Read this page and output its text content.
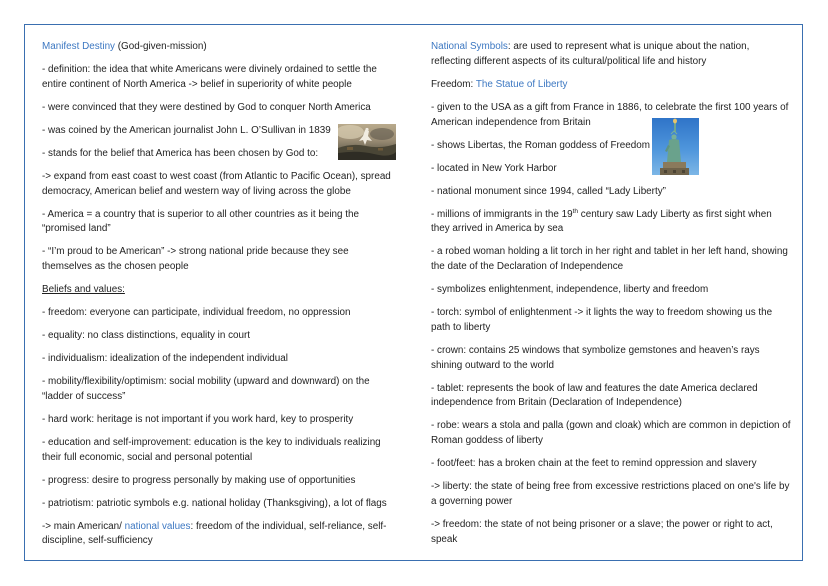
Manifest Destiny (God-given-mission)

- definition: the idea that white Americans were divinely ordained to settle the entire continent of North America -> belief in superiority of white people

- were convinced that they were destined by God to conquer North America

- was coined by the American journalist John L. O’Sullivan in 1839

- stands for the belief that America has been chosen by God to:

-> expand from east coast to west coast (from Atlantic to Pacific Ocean), spread democracy, American belief and western way of living across the globe

- America = a country that is superior to all other countries as it being the “promised land”

- “I’m proud to be American” -> strong national pride because they see themselves as the chosen people

Beliefs and values:

- freedom: everyone can participate, individual freedom, no oppression

- equality: no class distinctions, equality in court

- individualism: idealization of the independent individual

- mobility/flexibility/optimism: social mobility (upward and downward) on the “ladder of success”

- hard work: heritage is not important if you work hard, key to prosperity

- education and self-improvement: education is the key to individuals realizing their full economic, social and personal potential

- progress: desire to progress personally by making use of opportunities

- patriotism: patriotic symbols e.g. national holiday (Thanksgiving), a lot of flags

-> main American/ national values: freedom of the individual, self-reliance, self-discipline, self-sufficiency

National Symbols: are used to represent what is unique about the nation, reflecting different aspects of its cultural/political life and history

Freedom: The Statue of Liberty

- given to the USA as a gift from France in 1886, to celebrate the first 100 years of American independence from Britain

- shows Libertas, the Roman goddess of Freedom

- located in New York Harbor

- national monument since 1994, called “Lady Liberty”

- millions of immigrants in the 19th century saw Lady Liberty as first sight when they arrived in America by sea

- a robed woman holding a lit torch in her right and tablet in her left hand, showing the date of the Declaration of Independence

- symbolizes enlightenment, independence, liberty and freedom

- torch: symbol of enlightenment -> it lights the way to freedom showing us the path to liberty

- crown: contains 25 windows that symbolize gemstones and heaven’s rays shining outward to the world

- tablet: represents the book of law and features the date America declared independence from Britain (Declaration of Independence)

- robe: wears a stola and palla (gown and cloak) which are common in depiction of Roman goddess of liberty

- foot/feet: has a broken chain at the feet to remind oppression and slavery

-> liberty: the state of being free from excessive restrictions placed on one's life by a governing power

-> freedom: the state of not being prisoner or a slave; the power or right to act, speak
